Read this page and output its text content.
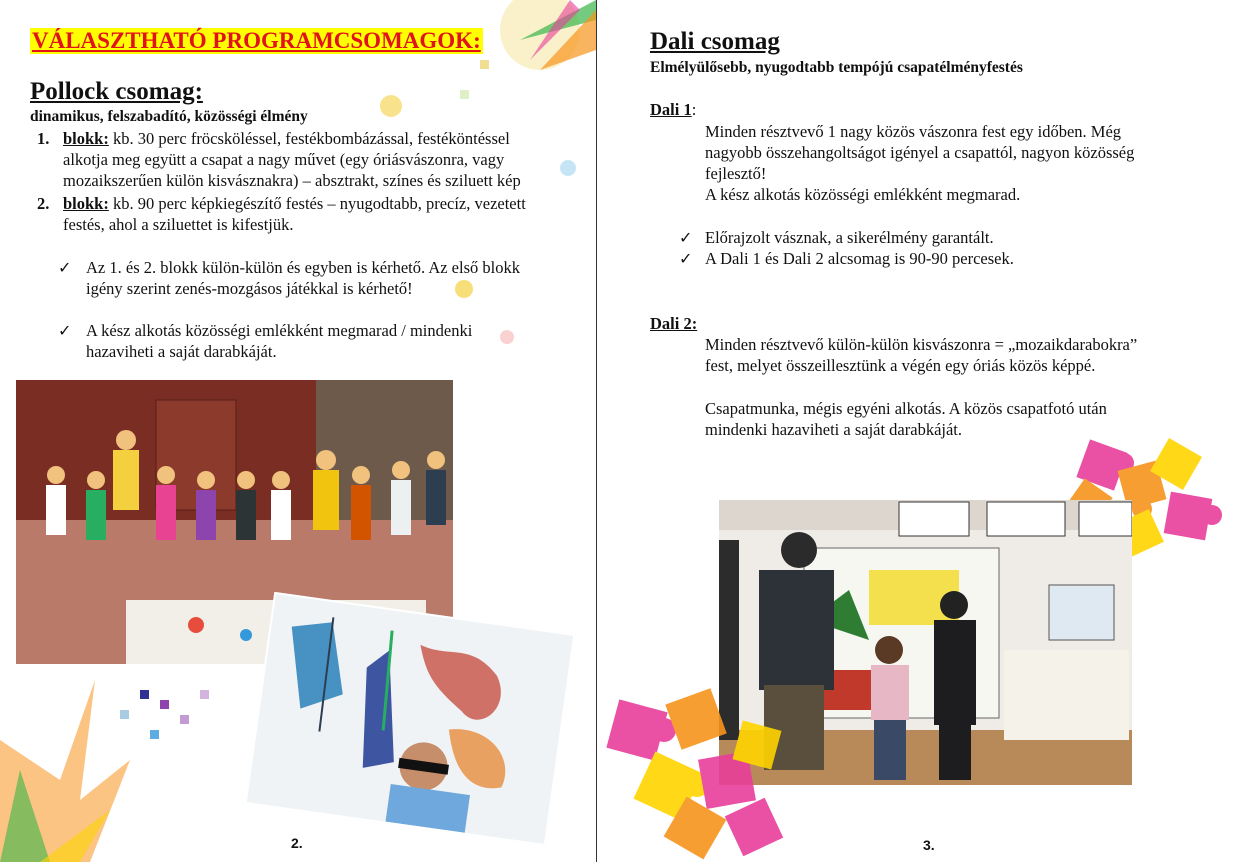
VÁLASZTHATÓ PROGRAMCSOMAGOK:
Pollock csomag:
dinamikus, felszabadító, közösségi élmény
1. blokk: kb. 30 perc fröcsköléssel, festékbombázással, festéköntéssel
alkotja meg együtt a csapat a nagy művet (egy óriásvászonra, vagy
mozaikszerűen külön kisvásznakra) – absztrakt, színes és sziluett kép
2. blokk: kb. 90 perc képkiegészítő festés – nyugodtabb, precíz, vezetett
festés, ahol a sziluettet is kifestjük.
✓ Az 1. és 2. blokk külön-külön és egyben is kérhető. Az első blokk
igény szerint zenés-mozgásos játékkal is kérhető!
✓ A kész alkotás közösségi emlékként megmarad / mindenki
hazaviheti a saját darabkáját.
2.
Dali csomag
Elmélyülősebb, nyugodtabb tempójú csapatélményfestés
Dali 1:
Minden résztvevő 1 nagy közös vászonra fest egy időben. Még
nagyobb összehangoltságot igényel a csapattól, nagyon közösség
fejlesztő!
A kész alkotás közösségi emlékként megmarad.
✓ Előrajzolt vásznak, a sikerélmény garantált.
✓ A Dali 1 és Dali 2 alcsomag is 90-90 percesek.
Dali 2:
Minden résztvevő külön-külön kisvászonra = „mozaikdarabokra”
fest, melyet összeillesztünk a végén egy óriás közös képpé.
Csapatmunka, mégis egyéni alkotás. A közös csapatfotó után
mindenki hazaviheti a saját darabkáját.
3.
